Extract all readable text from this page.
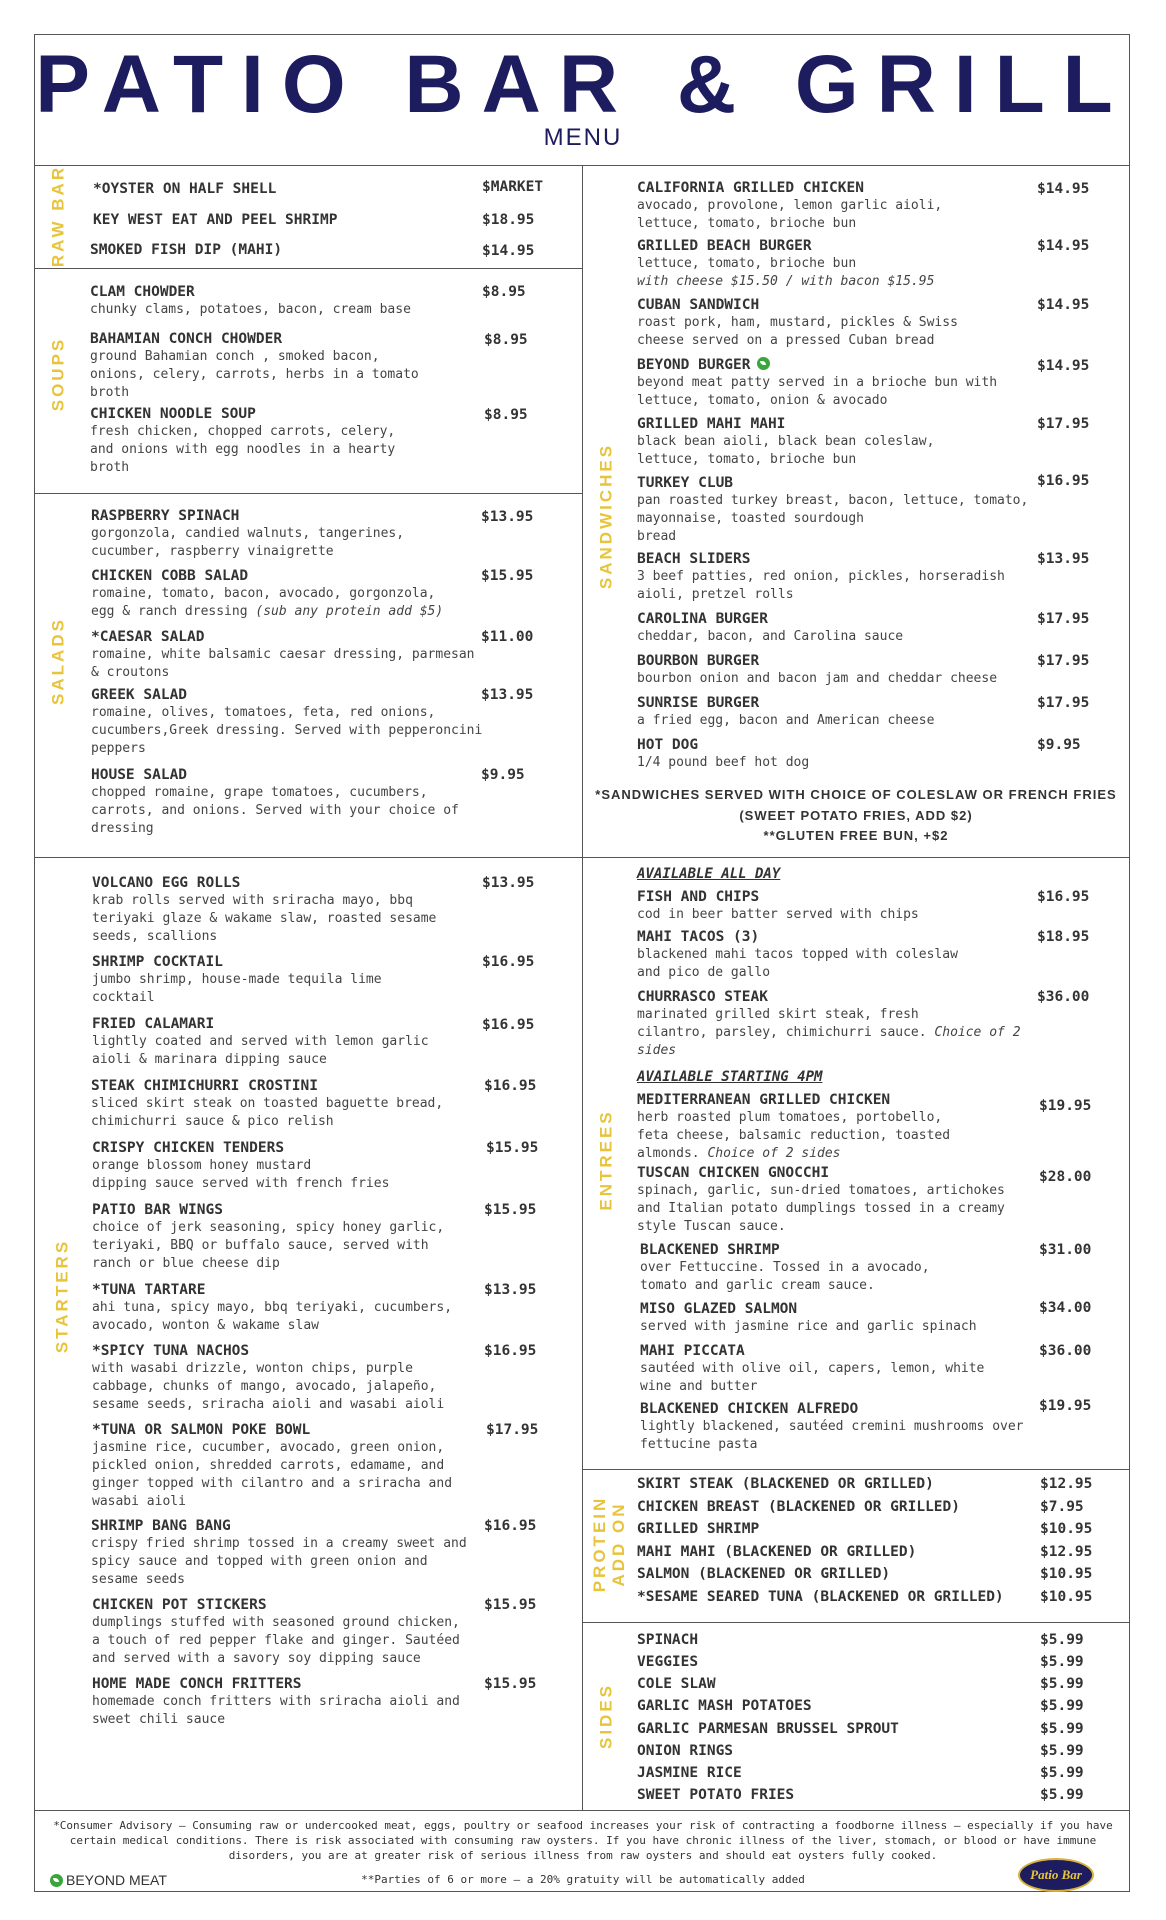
PATIO BAR & GRILL
MENU
RAW BAR
SOUPS
SALADS
STARTERS
SANDWICHES
ENTREES
PROTEIN
ADD ON
SIDES
*OYSTER ON HALF SHELL	$MARKET
KEY WEST EAT AND PEEL SHRIMP	$18.95
SMOKED FISH DIP (MAHI)	$14.95
CLAM CHOWDER
chunky clams, potatoes, bacon, cream base
$8.95
BAHAMIAN CONCH CHOWDER
ground Bahamian conch , smoked bacon,
onions, celery, carrots, herbs in a tomato
broth
$8.95
CHICKEN NOODLE SOUP
fresh chicken, chopped carrots, celery,
and onions with egg noodles in a hearty
broth
$8.95
RASPBERRY SPINACH
gorgonzola, candied walnuts, tangerines,
cucumber, raspberry vinaigrette
$13.95
CHICKEN COBB SALAD
romaine, tomato, bacon, avocado, gorgonzola,
egg & ranch dressing (sub any protein add $5)
$15.95
*CAESAR SALAD
romaine, white balsamic caesar dressing, parmesan
& croutons
$11.00
GREEK SALAD
romaine, olives, tomatoes, feta, red onions,
cucumbers,Greek dressing. Served with pepperoncini
peppers
$13.95
HOUSE SALAD
chopped romaine, grape tomatoes, cucumbers,
carrots, and onions. Served with your choice of
dressing
$9.95
VOLCANO EGG ROLLS
krab rolls served with sriracha mayo, bbq
teriyaki glaze & wakame slaw, roasted sesame
seeds, scallions
$13.95
SHRIMP COCKTAIL
jumbo shrimp, house-made tequila lime
cocktail
$16.95
FRIED CALAMARI
lightly coated and served with lemon garlic
aioli & marinara dipping sauce
$16.95
STEAK CHIMICHURRI CROSTINI
sliced skirt steak on toasted baguette bread,
chimichurri sauce & pico relish
$16.95
CRISPY CHICKEN TENDERS
orange blossom honey mustard
dipping sauce served with french fries
$15.95
PATIO BAR WINGS
choice of jerk seasoning, spicy honey garlic,
teriyaki, BBQ or buffalo sauce, served with
ranch or blue cheese dip
$15.95
*TUNA TARTARE
ahi tuna, spicy mayo, bbq teriyaki, cucumbers,
avocado, wonton & wakame slaw
$13.95
*SPICY TUNA NACHOS
with wasabi drizzle, wonton chips, purple
cabbage, chunks of mango, avocado, jalapeño,
sesame seeds, sriracha aioli and wasabi aioli
$16.95
*TUNA OR SALMON POKE BOWL
jasmine rice, cucumber, avocado, green onion,
pickled onion, shredded carrots, edamame, and
ginger topped with cilantro and a sriracha and
wasabi aioli
$17.95
SHRIMP BANG BANG
crispy fried shrimp tossed in a creamy sweet and
spicy sauce and topped with green onion and
sesame seeds
$16.95
CHICKEN POT STICKERS
dumplings stuffed with seasoned ground chicken,
a touch of red pepper flake and ginger. Sautéed
and served with a savory soy dipping sauce
$15.95
HOME MADE CONCH FRITTERS
homemade conch fritters with sriracha aioli and
sweet chili sauce
$15.95
CALIFORNIA GRILLED CHICKEN
avocado, provolone, lemon garlic aioli,
lettuce, tomato, brioche bun
$14.95
GRILLED BEACH BURGER
lettuce, tomato, brioche bun
with cheese $15.50 / with bacon $15.95
$14.95
CUBAN SANDWICH
roast pork, ham, mustard, pickles & Swiss
cheese served on a pressed Cuban bread
$14.95
BEYOND BURGER
beyond meat patty served in a brioche bun with
lettuce, tomato, onion & avocado
$14.95
GRILLED MAHI MAHI
black bean aioli, black bean coleslaw,
lettuce, tomato, brioche bun
$17.95
TURKEY CLUB
pan roasted turkey breast, bacon, lettuce, tomato,
mayonnaise, toasted sourdough
bread
$16.95
BEACH SLIDERS
3 beef patties, red onion, pickles, horseradish
aioli, pretzel rolls
$13.95
CAROLINA BURGER
cheddar, bacon, and Carolina sauce
$17.95
BOURBON BURGER
bourbon onion and bacon jam and cheddar cheese
$17.95
SUNRISE BURGER
a fried egg, bacon and American cheese
$17.95
HOT DOG
1/4 pound beef hot dog
$9.95
*SANDWICHES SERVED WITH CHOICE OF COLESLAW OR FRENCH FRIES
(SWEET POTATO FRIES, ADD $2)
**GLUTEN FREE BUN, +$2
AVAILABLE ALL DAY
FISH AND CHIPS
cod in beer batter served with chips
$16.95
MAHI TACOS (3)
blackened mahi tacos topped with coleslaw
and pico de gallo
$18.95
CHURRASCO STEAK
marinated grilled skirt steak, fresh
cilantro, parsley, chimichurri sauce. Choice of 2
sides
$36.00
AVAILABLE STARTING 4PM
MEDITERRANEAN GRILLED CHICKEN
herb roasted plum tomatoes, portobello,
feta cheese, balsamic reduction, toasted
almonds. Choice of 2 sides
$19.95
TUSCAN CHICKEN GNOCCHI
spinach, garlic, sun-dried tomatoes, artichokes
and Italian potato dumplings tossed in a creamy
style Tuscan sauce.
$28.00
BLACKENED SHRIMP
over Fettuccine. Tossed in a avocado,
tomato and garlic cream sauce.
$31.00
MISO GLAZED SALMON
served with jasmine rice and garlic spinach
$34.00
MAHI PICCATA
sautéed with olive oil, capers, lemon, white
wine and butter
$36.00
BLACKENED CHICKEN ALFREDO
lightly blackened, sautéed cremini mushrooms over
fettucine pasta
$19.95
SKIRT STEAK (BLACKENED OR GRILLED)	$12.95
CHICKEN BREAST (BLACKENED OR GRILLED)	$7.95
GRILLED SHRIMP	$10.95
MAHI MAHI (BLACKENED OR GRILLED)	$12.95
SALMON (BLACKENED OR GRILLED)	$10.95
*SESAME SEARED TUNA (BLACKENED OR GRILLED)	$10.95
SPINACH	$5.99
VEGGIES	$5.99
COLE SLAW	$5.99
GARLIC MASH POTATOES	$5.99
GARLIC PARMESAN BRUSSEL SPROUT	$5.99
ONION RINGS	$5.99
JASMINE RICE	$5.99
SWEET POTATO FRIES	$5.99
*Consumer Advisory – Consuming raw or undercooked meat, eggs, poultry or seafood increases your risk of contracting a foodborne illness – especially if you have certain medical conditions. There is risk associated with consuming raw oysters. If you have chronic illness of the liver, stomach, or blood or have immune disorders, you are at greater risk of serious illness from raw oysters and should eat oysters fully cooked.
**Parties of 6 or more – a 20% gratuity will be automatically added
BEYOND MEAT	Patio Bar
